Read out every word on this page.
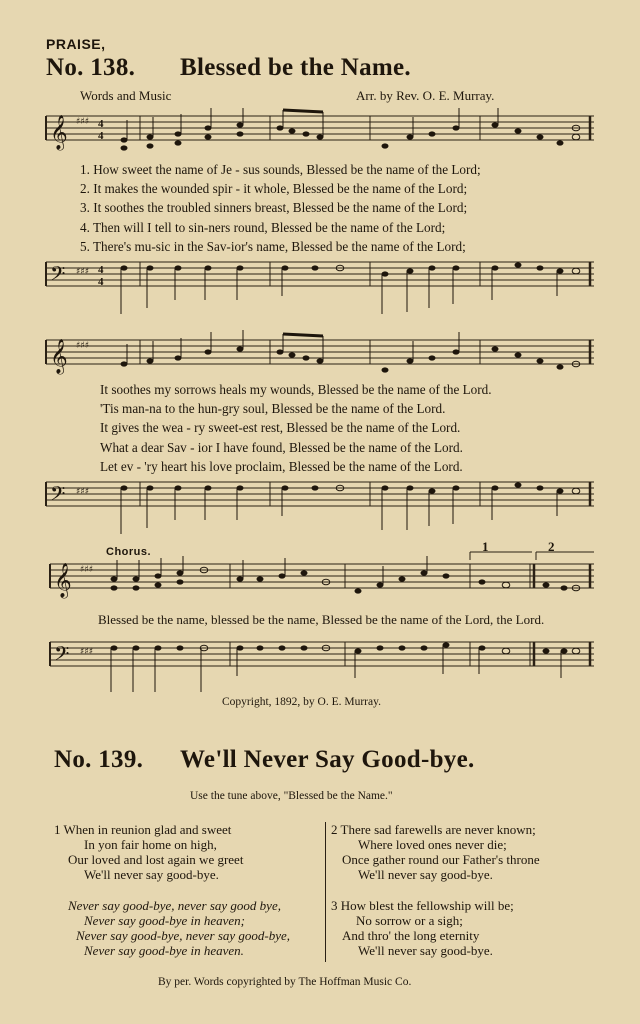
PRAISE,
No. 138. Blessed be the Name.
Words and Music	Arr. by Rev. O. E. Murray.
𝄞 ♯♯♯ 4
4
1. How sweet the name of Je - sus sounds, Blessed be the name of the Lord;
2. It makes the wounded spir - it whole, Blessed be the name of the Lord;
3. It soothes the troubled sinners breast, Blessed be the name of the Lord;
4. Then will I tell to sin-ners round, Blessed be the name of the Lord;
5. There's mu-sic in the Sav-ior's name, Blessed be the name of the Lord;
𝄢 ♯♯♯ 4
4
𝄞 ♯♯♯
It soothes my sorrows heals my wounds, Blessed be the name of the Lord.
'Tis man-na to the hun-gry soul, Blessed be the name of the Lord.
It gives the wea - ry sweet-est rest, Blessed be the name of the Lord.
What a dear Sav - ior I have found, Blessed be the name of the Lord.
Let ev - 'ry heart his love proclaim, Blessed be the name of the Lord.
𝄢 ♯♯♯
Chorus.	1	2
𝄞 ♯♯♯
Blessed be the name, blessed be the name, Blessed be the name of the Lord, the Lord.
𝄢 ♯♯♯
Copyright, 1892, by O. E. Murray.
No. 139. We'll Never Say Good-bye.
Use the tune above, "Blessed be the Name."
1 When in reunion glad and sweet
In yon fair home on high,
Our loved and lost again we greet
We'll never say good-bye.
Never say good-bye, never say good bye,
Never say good-bye in heaven;
Never say good-bye, never say good-bye,
Never say good-bye in heaven.
2 There sad farewells are never known;
Where loved ones never die;
Once gather round our Father's throne
We'll never say good-bye.
3 How blest the fellowship will be;
No sorrow or a sigh;
And thro' the long eternity
We'll never say good-bye.
By per. Words copyrighted by The Hoffman Music Co.
